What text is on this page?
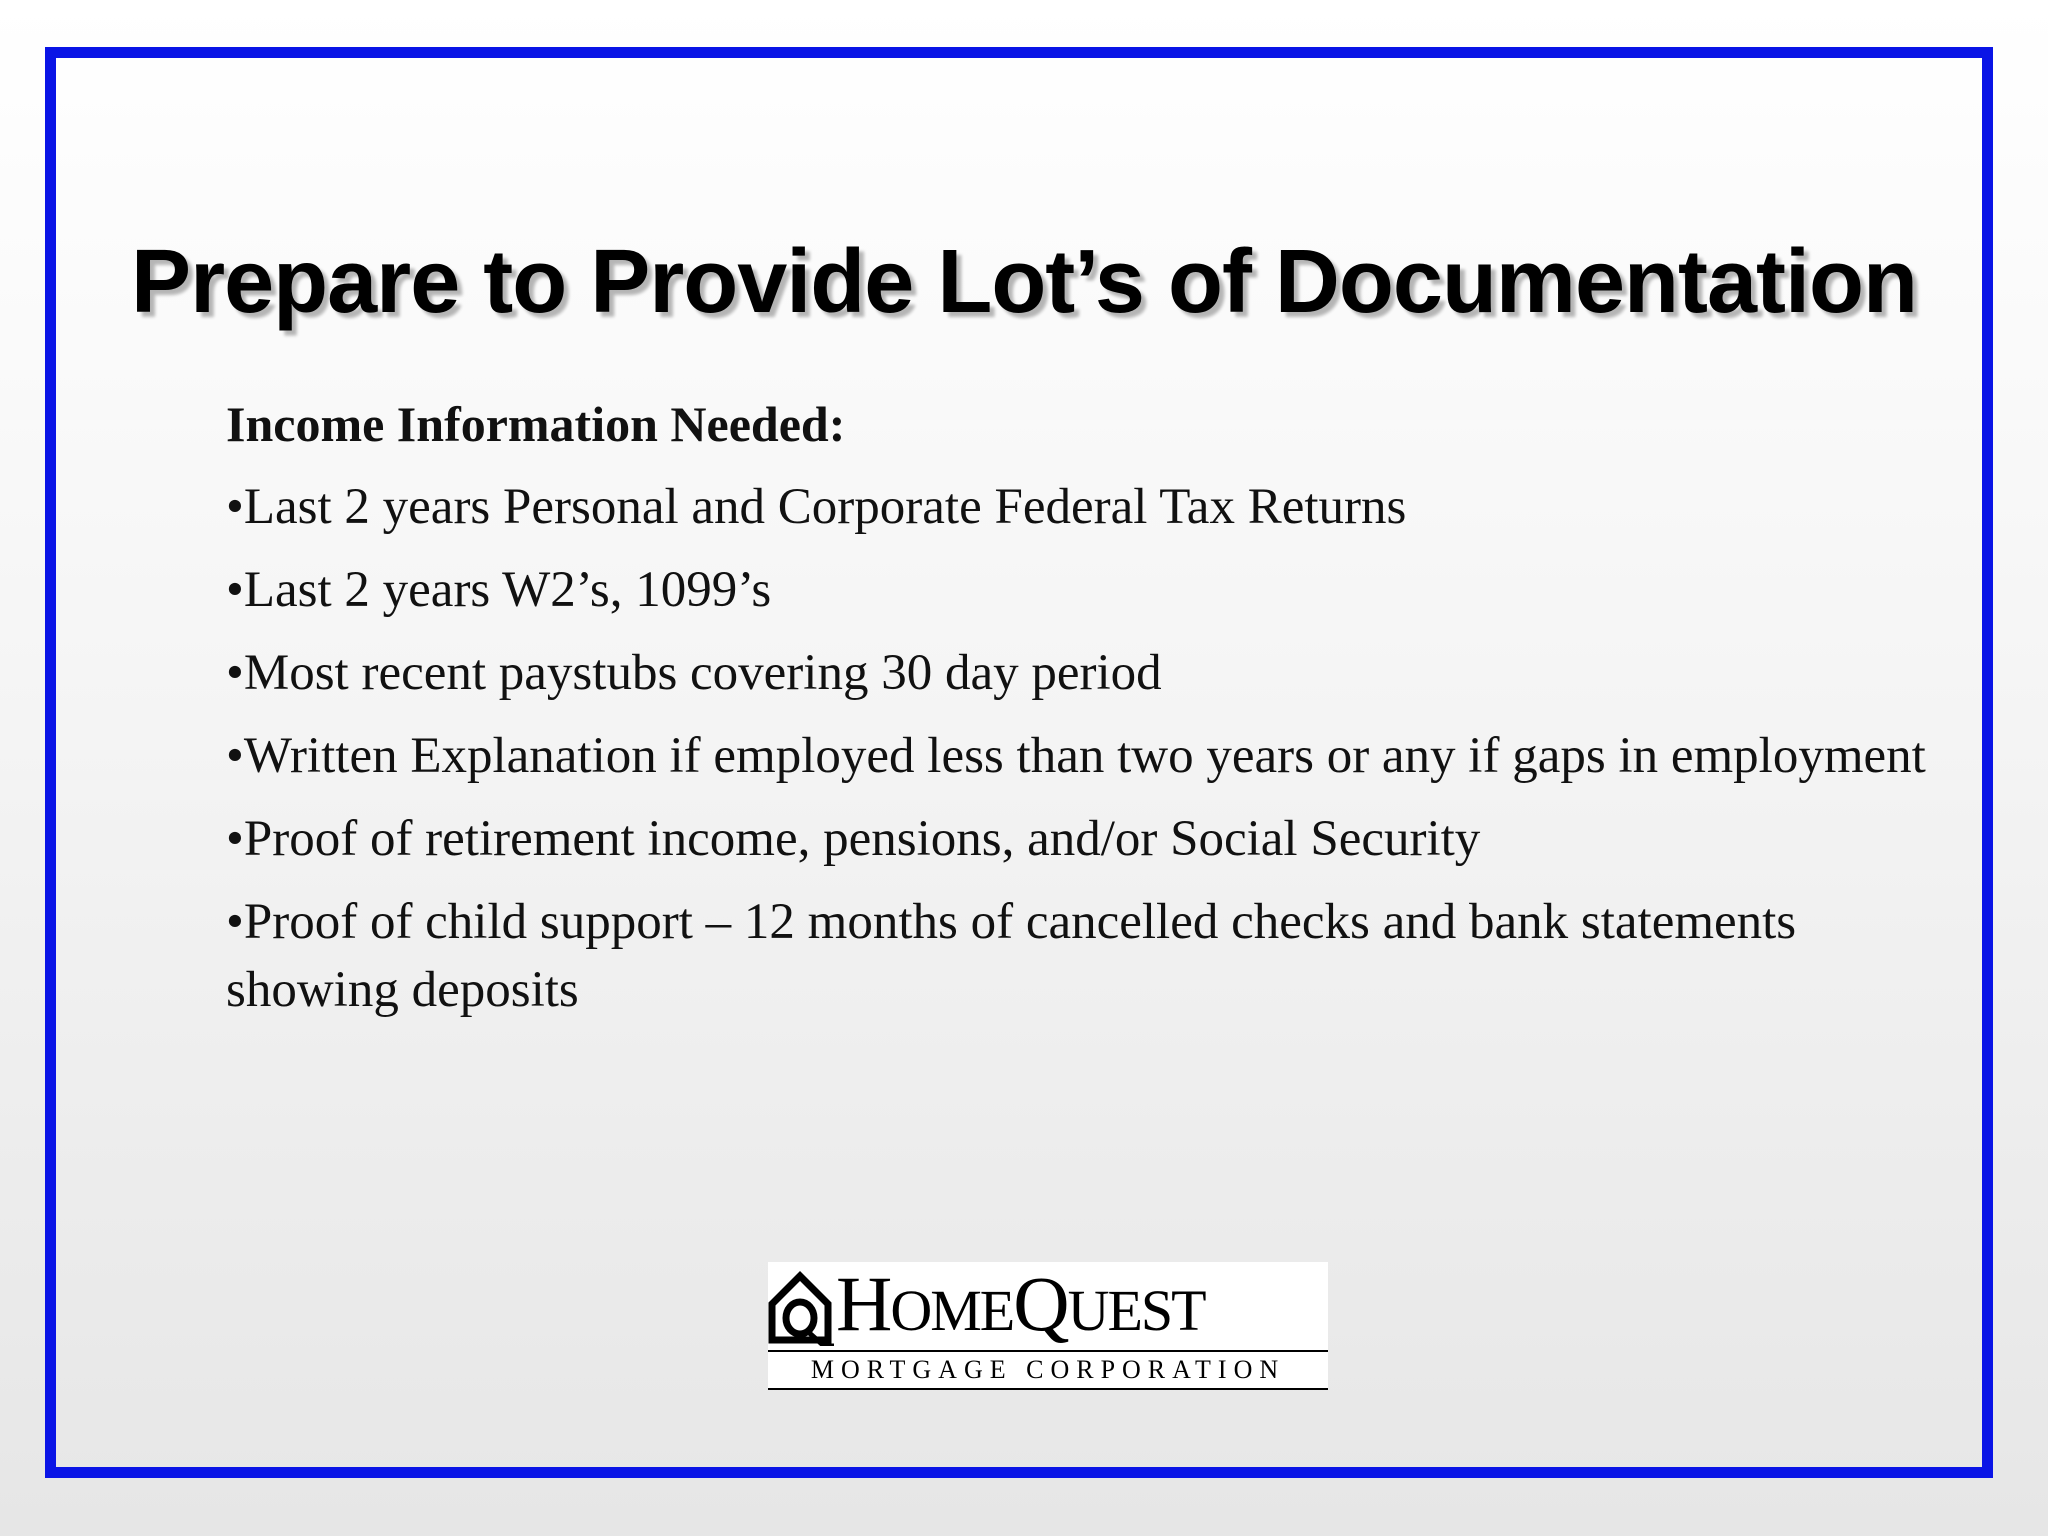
Prepare to Provide Lot’s of Documentation
Income Information Needed:
•Last 2 years Personal and Corporate Federal Tax Returns
•Last 2 years W2’s, 1099’s
•Most recent paystubs covering 30 day period
•Written Explanation if employed less than two years or any if gaps in employment
•Proof of retirement income, pensions, and/or Social Security
•Proof of child support – 12 months of cancelled checks and bank statements showing deposits
HOMEQUEST
MORTGAGE CORPORATION
